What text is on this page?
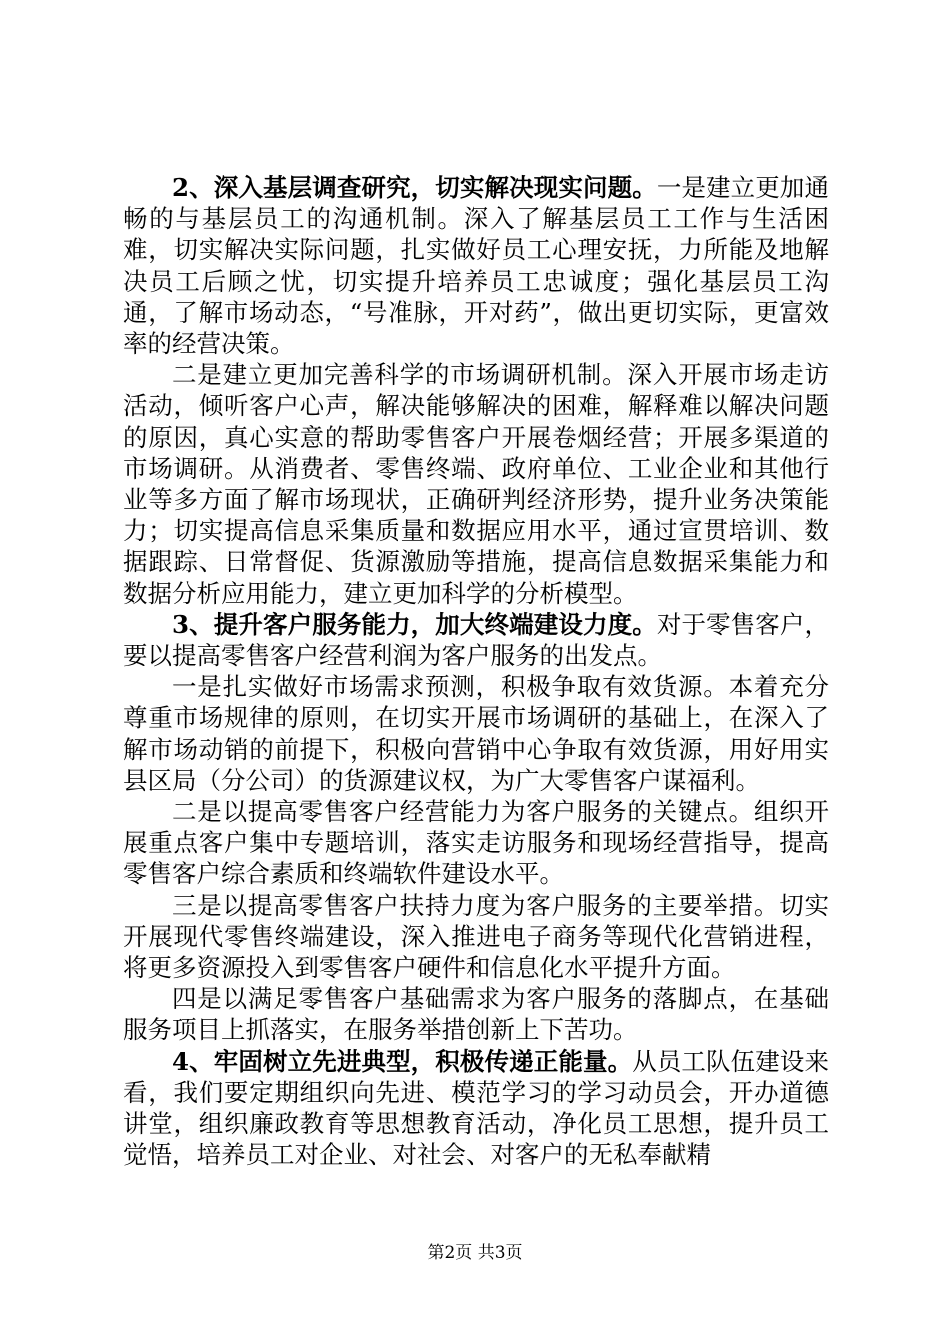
2、深入基层调查研究，切实解决现实问题。一是建立更加通畅的与基层员工的沟通机制。深入了解基层员工工作与生活困难，切实解决实际问题，扎实做好员工心理安抚，力所能及地解决员工后顾之忧，切实提升培养员工忠诚度；强化基层员工沟通，了解市场动态，“号准脉，开对药”，做出更切实际，更富效率的经营决策。

二是建立更加完善科学的市场调研机制。深入开展市场走访活动，倾听客户心声，解决能够解决的困难，解释难以解决问题的原因，真心实意的帮助零售客户开展卷烟经营；开展多渠道的市场调研。从消费者、零售终端、政府单位、工业企业和其他行业等多方面了解市场现状，正确研判经济形势，提升业务决策能力；切实提高信息采集质量和数据应用水平，通过宣贯培训、数据跟踪、日常督促、货源激励等措施，提高信息数据采集能力和数据分析应用能力，建立更加科学的分析模型。

3、提升客户服务能力，加大终端建设力度。对于零售客户，要以提高零售客户经营利润为客户服务的出发点。

一是扎实做好市场需求预测，积极争取有效货源。本着充分尊重市场规律的原则，在切实开展市场调研的基础上，在深入了解市场动销的前提下，积极向营销中心争取有效货源，用好用实县区局（分公司）的货源建议权，为广大零售客户谋福利。

二是以提高零售客户经营能力为客户服务的关键点。组织开展重点客户集中专题培训，落实走访服务和现场经营指导，提高零售客户综合素质和终端软件建设水平。

三是以提高零售客户扶持力度为客户服务的主要举措。切实开展现代零售终端建设，深入推进电子商务等现代化营销进程，将更多资源投入到零售客户硬件和信息化水平提升方面。

四是以满足零售客户基础需求为客户服务的落脚点，在基础服务项目上抓落实，在服务举措创新上下苦功。

4、牢固树立先进典型，积极传递正能量。从员工队伍建设来看，我们要定期组织向先进、模范学习的学习动员会，开办道德讲堂，组织廉政教育等思想教育活动，净化员工思想，提升员工觉悟，培养员工对企业、对社会、对客户的无私奉献精

第2页 共3页
